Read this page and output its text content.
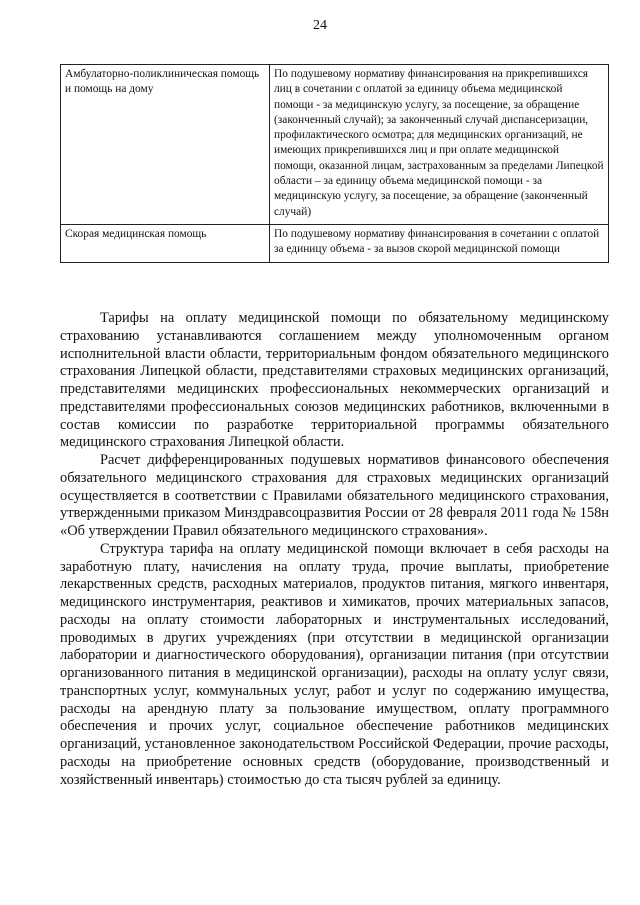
24
Амбулаторно-поликлиническая помощь и помощь на дому	По подушевому нормативу финансирования на прикрепившихся лиц в сочетании с оплатой за единицу объема медицинской помощи - за медицинскую услугу, за посещение, за обращение (законченный случай); за законченный случай диспансеризации, профилактического осмотра; для медицинских организаций, не имеющих прикрепившихся лиц и при оплате медицинской помощи, оказанной лицам, застрахованным за пределами Липецкой области – за единицу объема медицинской помощи - за медицинскую услугу, за посещение, за обращение (законченный случай)
Скорая медицинская помощь	По подушевому нормативу финансирования в сочетании с оплатой за единицу объема - за вызов скорой медицинской помощи

Тарифы на оплату медицинской помощи по обязательному медицинскому страхованию устанавливаются соглашением между уполномоченным органом исполнительной власти области, территориальным фондом обязательного медицинского страхования Липецкой области, представителями страховых медицинских организаций, представителями медицинских профессиональных некоммерческих организаций и представителями профессиональных союзов медицинских работников, включенными в состав комиссии по разработке территориальной программы обязательного медицинского страхования Липецкой области.

Расчет дифференцированных подушевых нормативов финансового обеспечения обязательного медицинского страхования для страховых медицинских организаций осуществляется в соответствии с Правилами обязательного медицинского страхования, утвержденными приказом Минздравсоцразвития России от 28 февраля 2011 года № 158н «Об утверждении Правил обязательного медицинского страхования».

Структура тарифа на оплату медицинской помощи включает в себя расходы на заработную плату, начисления на оплату труда, прочие выплаты, приобретение лекарственных средств, расходных материалов, продуктов питания, мягкого инвентаря, медицинского инструментария, реактивов и химикатов, прочих материальных запасов, расходы на оплату стоимости лабораторных и инструментальных исследований, проводимых в других учреждениях (при отсутствии в медицинской организации лаборатории и диагностического оборудования), организации питания (при отсутствии организованного питания в медицинской организации), расходы на оплату услуг связи, транспортных услуг, коммунальных услуг, работ и услуг по содержанию имущества, расходы на арендную плату за пользование имуществом, оплату программного обеспечения и прочих услуг, социальное обеспечение работников медицинских организаций, установленное законодательством Российской Федерации, прочие расходы, расходы на приобретение основных средств (оборудование, производственный и хозяйственный инвентарь) стоимостью до ста тысяч рублей за единицу.
